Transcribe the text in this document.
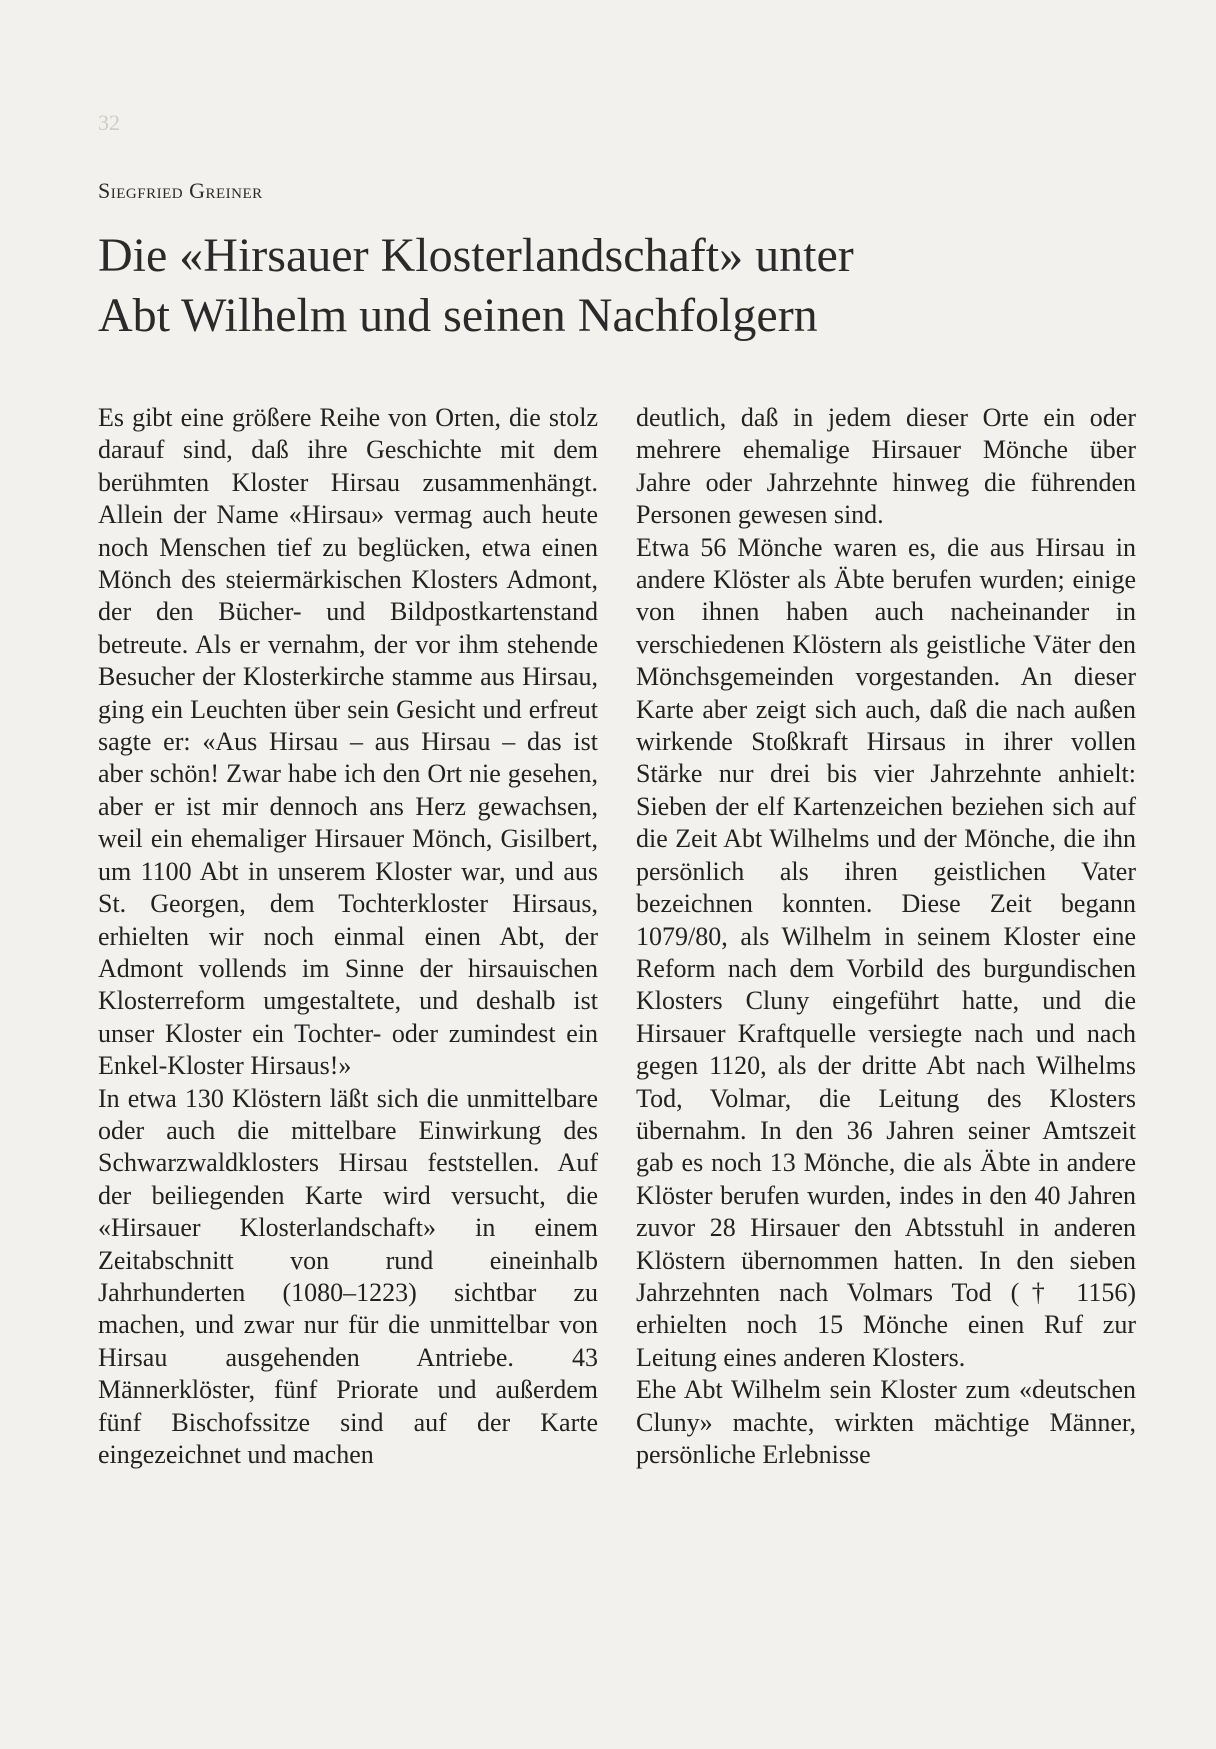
32
Siegfried Greiner
Die «Hirsauer Klosterlandschaft» unter
Abt Wilhelm und seinen Nachfolgern

Es gibt eine größere Reihe von Orten, die stolz darauf sind, daß ihre Geschichte mit dem berühmten Kloster Hirsau zusammenhängt. Allein der Name «Hirsau» vermag auch heute noch Menschen tief zu beglücken, etwa einen Mönch des steiermärkischen Klosters Admont, der den Bücher- und Bildpostkartenstand betreute. Als er vernahm, der vor ihm stehende Besucher der Klosterkirche stamme aus Hirsau, ging ein Leuchten über sein Gesicht und erfreut sagte er: «Aus Hirsau – aus Hirsau – das ist aber schön! Zwar habe ich den Ort nie gesehen, aber er ist mir dennoch ans Herz gewachsen, weil ein ehemaliger Hirsauer Mönch, Gisilbert, um 1100 Abt in unserem Kloster war, und aus St. Georgen, dem Tochterkloster Hirsaus, erhielten wir noch einmal einen Abt, der Admont vollends im Sinne der hirsauischen Klosterreform umgestaltete, und deshalb ist unser Kloster ein Tochter- oder zumindest ein Enkel-Kloster Hirsaus!»

In etwa 130 Klöstern läßt sich die unmittelbare oder auch die mittelbare Einwirkung des Schwarzwaldklosters Hirsau feststellen. Auf der beiliegenden Karte wird versucht, die «Hirsauer Klosterlandschaft» in einem Zeitabschnitt von rund eineinhalb Jahrhunderten (1080–1223) sichtbar zu machen, und zwar nur für die unmittelbar von Hirsau ausgehenden Antriebe. 43 Männerklöster, fünf Priorate und außerdem fünf Bischofssitze sind auf der Karte eingezeichnet und machen

deutlich, daß in jedem dieser Orte ein oder mehrere ehemalige Hirsauer Mönche über Jahre oder Jahrzehnte hinweg die führenden Personen gewesen sind.

Etwa 56 Mönche waren es, die aus Hirsau in andere Klöster als Äbte berufen wurden; einige von ihnen haben auch nacheinander in verschiedenen Klöstern als geistliche Väter den Mönchsgemeinden vorgestanden. An dieser Karte aber zeigt sich auch, daß die nach außen wirkende Stoßkraft Hirsaus in ihrer vollen Stärke nur drei bis vier Jahrzehnte anhielt: Sieben der elf Kartenzeichen beziehen sich auf die Zeit Abt Wilhelms und der Mönche, die ihn persönlich als ihren geistlichen Vater bezeichnen konnten. Diese Zeit begann 1079/80, als Wilhelm in seinem Kloster eine Reform nach dem Vorbild des burgundischen Klosters Cluny eingeführt hatte, und die Hirsauer Kraftquelle versiegte nach und nach gegen 1120, als der dritte Abt nach Wilhelms Tod, Volmar, die Leitung des Klosters übernahm. In den 36 Jahren seiner Amtszeit gab es noch 13 Mönche, die als Äbte in andere Klöster berufen wurden, indes in den 40 Jahren zuvor 28 Hirsauer den Abtsstuhl in anderen Klöstern übernommen hatten. In den sieben Jahrzehnten nach Volmars Tod († 1156) erhielten noch 15 Mönche einen Ruf zur Leitung eines anderen Klosters.

Ehe Abt Wilhelm sein Kloster zum «deutschen Cluny» machte, wirkten mächtige Männer, persönliche Erlebnisse
